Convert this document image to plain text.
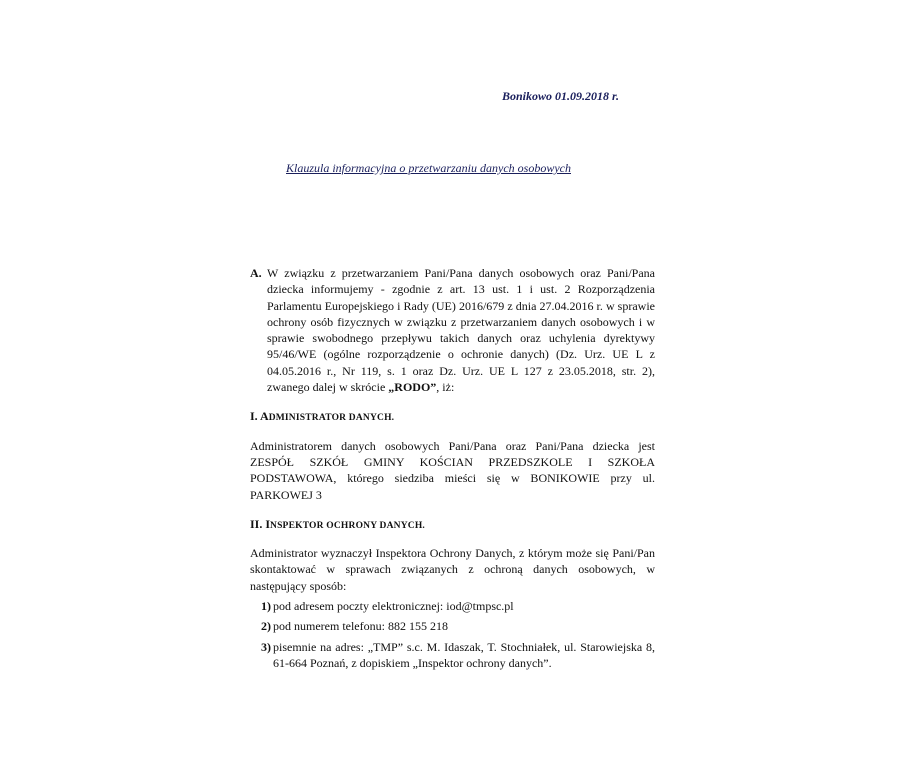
Bonikowo 01.09.2018 r.
Klauzula informacyjna o przetwarzaniu danych osobowych

A. W związku z przetwarzaniem Pani/Pana danych osobowych oraz Pani/Pana dziecka informujemy - zgodnie z art. 13 ust. 1 i ust. 2 Rozporządzenia Parlamentu Europejskiego i Rady (UE) 2016/679 z dnia 27.04.2016 r. w sprawie ochrony osób fizycznych w związku z przetwarzaniem danych osobowych i w sprawie swobodnego przepływu takich danych oraz uchylenia dyrektywy 95/46/WE (ogólne rozporządzenie o ochronie danych) (Dz. Urz. UE L z 04.05.2016 r., Nr 119, s. 1 oraz Dz. Urz. UE L 127 z 23.05.2018, str. 2), zwanego dalej w skrócie „RODO”, iż:

I. ADMINISTRATOR DANYCH.

Administratorem danych osobowych Pani/Pana oraz Pani/Pana dziecka jest ZESPÓŁ SZKÓŁ GMINY KOŚCIAN PRZEDSZKOLE I SZKOŁA PODSTAWOWA, którego siedziba mieści się w BONIKOWIE przy ul. PARKOWEJ 3

II. INSPEKTOR OCHRONY DANYCH.

Administrator wyznaczył Inspektora Ochrony Danych, z którym może się Pani/Pan skontaktować w sprawach związanych z ochroną danych osobowych, w następujący sposób:

1) pod adresem poczty elektronicznej: iod@tmpsc.pl
2) pod numerem telefonu: 882 155 218
3) pisemnie na adres: „TMP” s.c. M. Idaszak, T. Stochniałek, ul. Starowiejska 8, 61-664 Poznań, z dopiskiem „Inspektor ochrony danych”.
